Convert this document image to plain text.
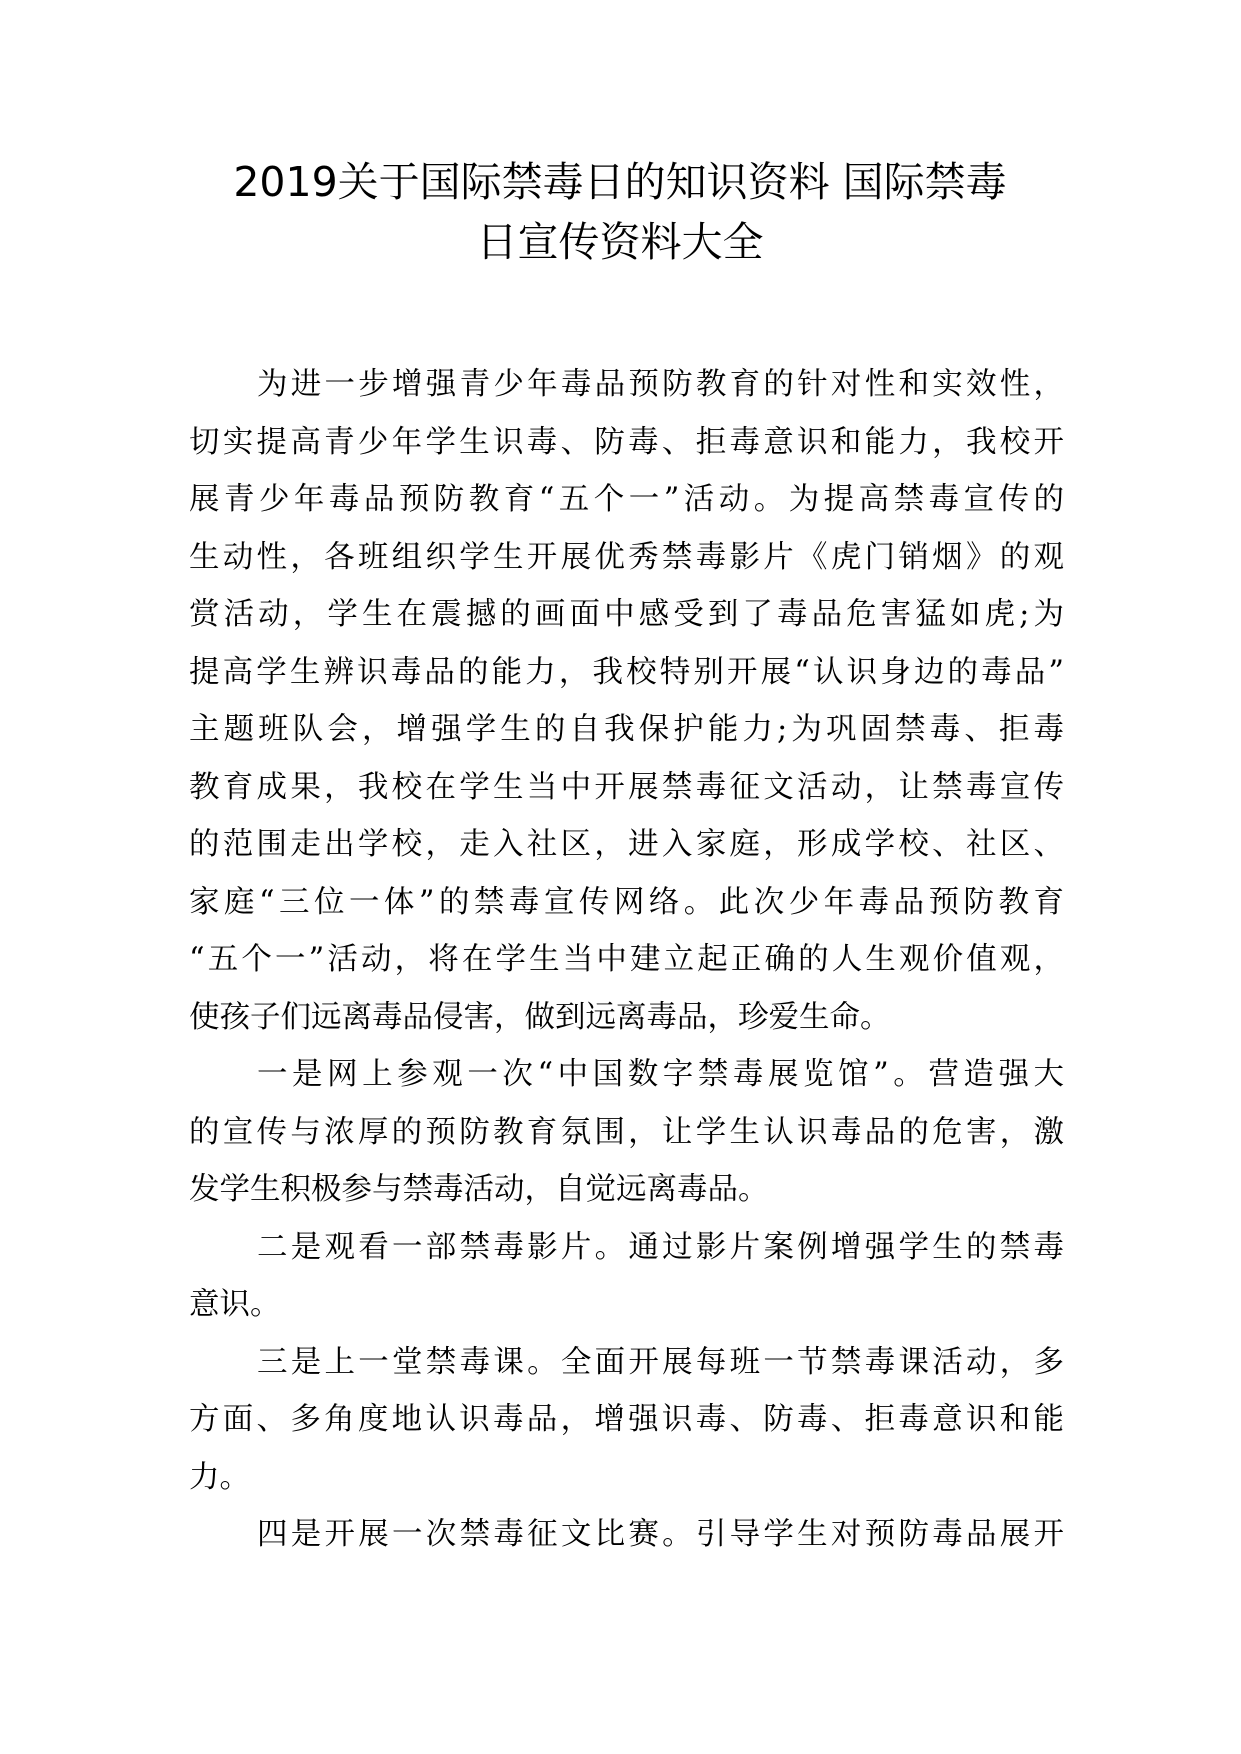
2019关于国际禁毒日的知识资料 国际禁毒
日宣传资料大全
为进一步增强青少年毒品预防教育的针对性和实效性，
切实提高青少年学生识毒、防毒、拒毒意识和能力，我校开
展青少年毒品预防教育“五个一”活动。为提高禁毒宣传的
生动性，各班组织学生开展优秀禁毒影片《虎门销烟》的观
赏活动，学生在震撼的画面中感受到了毒品危害猛如虎;为
提高学生辨识毒品的能力，我校特别开展“认识身边的毒品”
主题班队会，增强学生的自我保护能力;为巩固禁毒、拒毒
教育成果，我校在学生当中开展禁毒征文活动，让禁毒宣传
的范围走出学校，走入社区，进入家庭，形成学校、社区、
家庭“三位一体”的禁毒宣传网络。此次少年毒品预防教育
“五个一”活动，将在学生当中建立起正确的人生观价值观，
使孩子们远离毒品侵害，做到远离毒品，珍爱生命。
一是网上参观一次“中国数字禁毒展览馆”。营造强大
的宣传与浓厚的预防教育氛围，让学生认识毒品的危害，激
发学生积极参与禁毒活动，自觉远离毒品。
二是观看一部禁毒影片。通过影片案例增强学生的禁毒
意识。
三是上一堂禁毒课。全面开展每班一节禁毒课活动，多
方面、多角度地认识毒品，增强识毒、防毒、拒毒意识和能
力。
四是开展一次禁毒征文比赛。引导学生对预防毒品展开
